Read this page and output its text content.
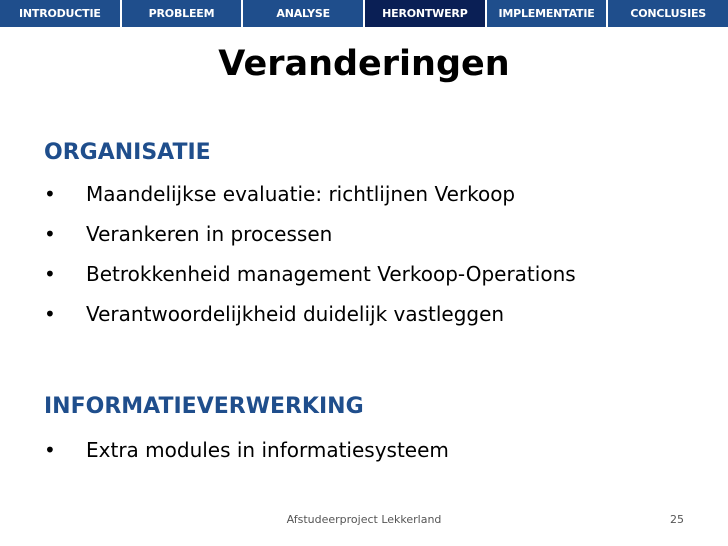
INTRODUCTIE	PROBLEEM	ANALYSE	HERONTWERP	IMPLEMENTATIE	CONCLUSIES
Veranderingen
ORGANISATIE
•	Maandelijkse evaluatie: richtlijnen Verkoop
•	Verankeren in processen
•	Betrokkenheid management Verkoop-Operations
•	Verantwoordelijkheid duidelijk vastleggen
INFORMATIEVERWERKING
•	Extra modules in informatiesysteem
Afstudeerproject Lekkerland	25
